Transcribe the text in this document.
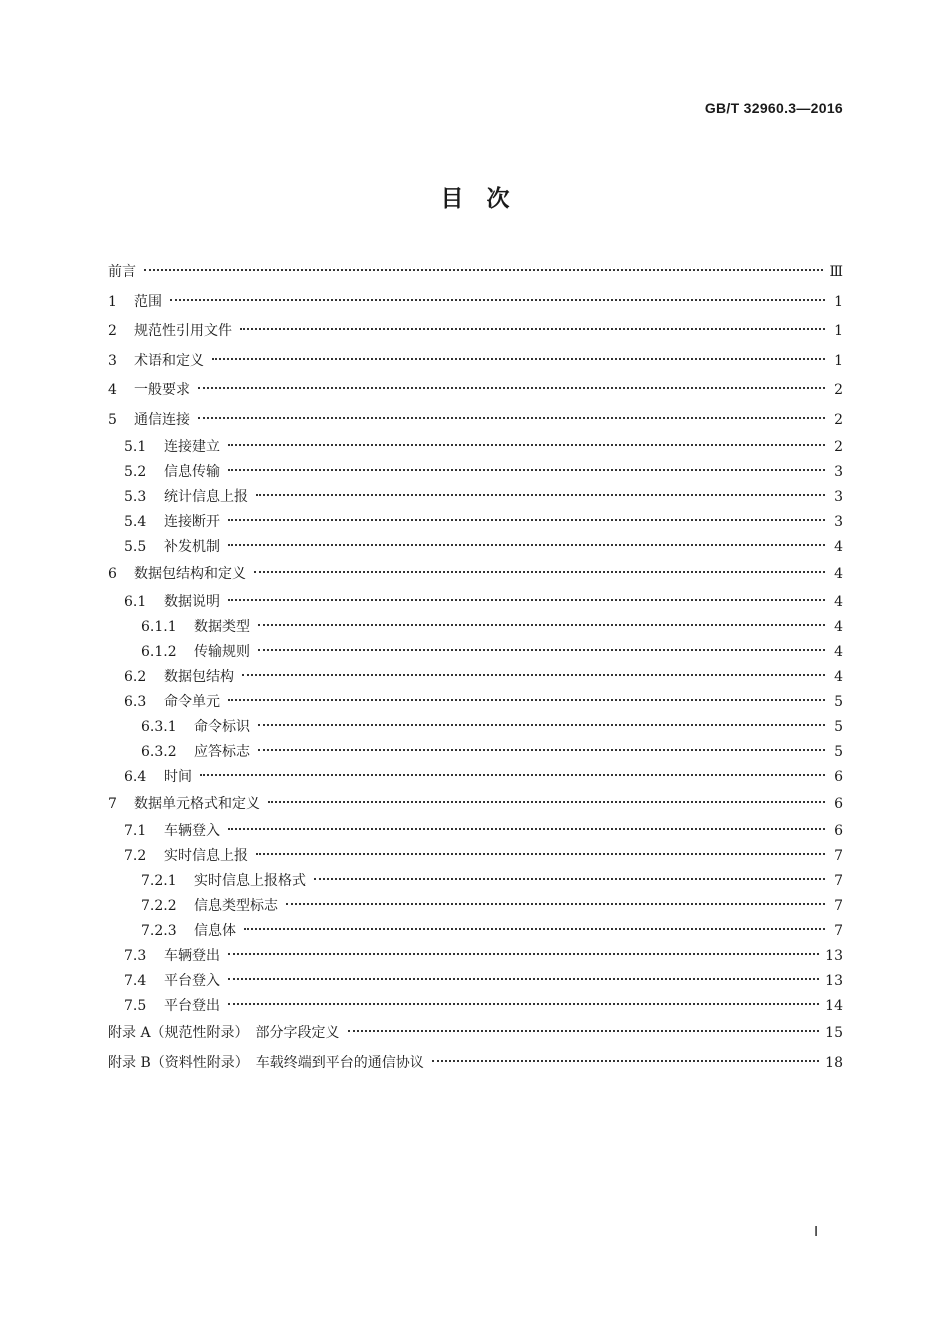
GB/T 32960.3—2016
目　次
前言	Ⅲ
1	范围	1
2	规范性引用文件	1
3	术语和定义	1
4	一般要求	2
5	通信连接	2
5.1 连接建立	2
5.2 信息传输	3
5.3 统计信息上报	3
5.4 连接断开	3
5.5 补发机制	4
6	数据包结构和定义	4
6.1 数据说明	4
6.1.1	数据类型	4
6.1.2	传输规则	4
6.2 数据包结构	4
6.3 命令单元	5
6.3.1	命令标识	5
6.3.2	应答标志	5
6.4 时间	6
7	数据单元格式和定义	6
7.1 车辆登入	6
7.2 实时信息上报	7
7.2.1	实时信息上报格式	7
7.2.2	信息类型标志	7
7.2.3	信息体	7
7.3 车辆登出	13
7.4 平台登入	13
7.5 平台登出	14
附录 A（规范性附录）　部分字段定义	15
附录 B（资料性附录）　车载终端到平台的通信协议	18
Ⅰ
